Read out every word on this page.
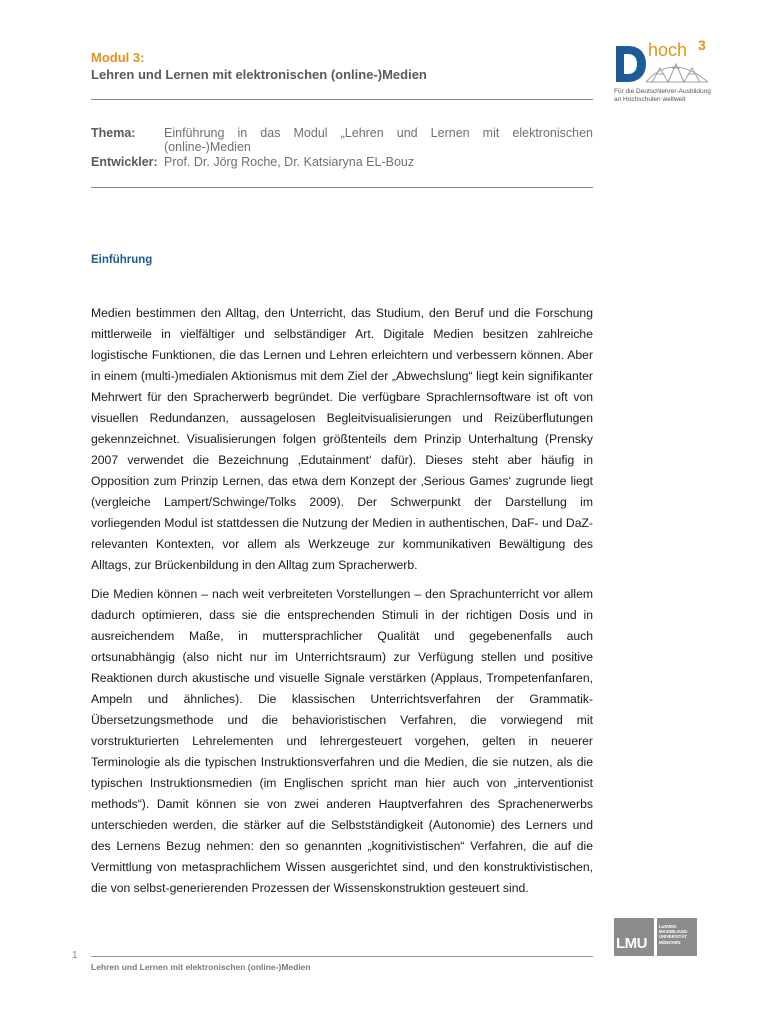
Modul 3:
Lehren und Lernen mit elektronischen (online-)Medien
hoch 3
Für die Deutschlehrer-Ausbildung
an Hochschulen weltweit
Thema:	Einführung in das Modul „Lehren und Lernen mit elektronischen (online-)Medien
Entwickler: Prof. Dr. Jörg Roche, Dr. Katsiaryna EL-Bouz
Einführung

Medien bestimmen den Alltag, den Unterricht, das Studium, den Beruf und die Forschung mittlerweile in vielfältiger und selbständiger Art. Digitale Medien besitzen zahlreiche logistische Funktionen, die das Lernen und Lehren erleichtern und verbessern können. Aber in einem (multi-)medialen Aktionismus mit dem Ziel der „Abwechslung“ liegt kein signifikanter Mehrwert für den Spracherwerb begründet. Die verfügbare Sprachlernsoftware ist oft von visuellen Redundanzen, aussagelosen Begleitvisualisierungen und Reizüberflutungen gekennzeichnet. Visualisierungen folgen größtenteils dem Prinzip Unterhaltung (Prensky 2007 verwendet die Bezeichnung ‚Edutainment‘ dafür). Dieses steht aber häufig in Opposition zum Prinzip Lernen, das etwa dem Konzept der ‚Serious Games‘ zugrunde liegt (vergleiche Lampert/Schwinge/Tolks 2009). Der Schwerpunkt der Darstellung im vorliegenden Modul ist stattdessen die Nutzung der Medien in authentischen, DaF- und DaZ-relevanten Kontexten, vor allem als Werkzeuge zur kommunikativen Bewältigung des Alltags, zur Brückenbildung in den Alltag zum Spracherwerb.

Die Medien können – nach weit verbreiteten Vorstellungen – den Sprachunterricht vor allem dadurch optimieren, dass sie die entsprechenden Stimuli in der richtigen Dosis und in ausreichendem Maße, in muttersprachlicher Qualität und gegebenenfalls auch ortsunabhängig (also nicht nur im Unterrichtsraum) zur Verfügung stellen und positive Reaktionen durch akustische und visuelle Signale verstärken (Applaus, Trompetenfanfaren, Ampeln und ähnliches). Die klassischen Unterrichtsverfahren der Grammatik-Übersetzungsmethode und die behavioristischen Verfahren, die vorwiegend mit vorstrukturierten Lehrelementen und lehrergesteuert vorgehen, gelten in neuerer Terminologie als die typischen Instruktionsverfahren und die Medien, die sie nutzen, als die typischen Instruktionsmedien (im Englischen spricht man hier auch von „interventionist methods“). Damit können sie von zwei anderen Hauptverfahren des Sprachenerwerbs unterschieden werden, die stärker auf die Selbstständigkeit (Autonomie) des Lerners und des Lernens Bezug nehmen: den so genannten „kognitivistischen“ Verfahren, die auf die Vermittlung von metasprachlichem Wissen ausgerichtet sind, und den konstruktivistischen, die von selbst-generierenden Prozessen der Wissenskonstruktion gesteuert sind.

1
Lehren und Lernen mit elektronischen (online-)Medien
LMU
LUDWIG-
MAXIMILIANS-
UNIVERSITÄT
MÜNCHEN
